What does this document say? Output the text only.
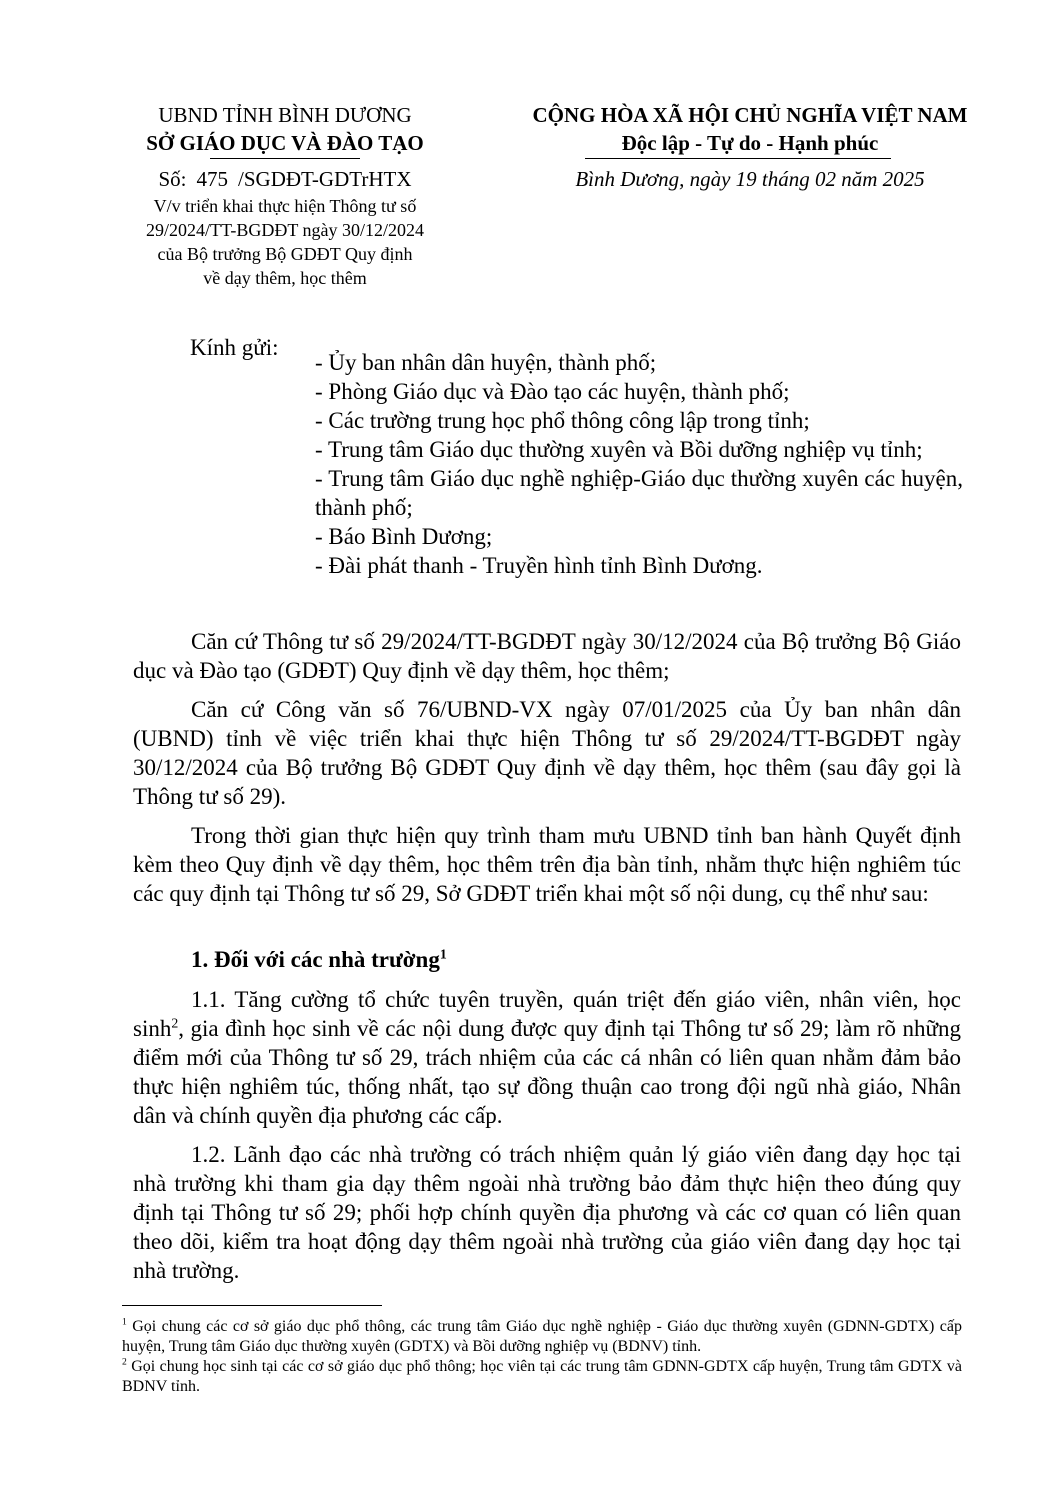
UBND TỈNH BÌNH DƯƠNG
SỞ GIÁO DỤC VÀ ĐÀO TẠO
Số: 475 /SGDĐT-GDTrHTX
V/v triển khai thực hiện Thông tư số
29/2024/TT-BGDĐT ngày 30/12/2024
của Bộ trưởng Bộ GDĐT Quy định
về dạy thêm, học thêm
CỘNG HÒA XÃ HỘI CHỦ NGHĨA VIỆT NAM
Độc lập - Tự do - Hạnh phúc
Bình Dương, ngày 19 tháng 02 năm 2025
Kính gửi:
- Ủy ban nhân dân huyện, thành phố;
- Phòng Giáo dục và Đào tạo các huyện, thành phố;
- Các trường trung học phổ thông công lập trong tỉnh;
- Trung tâm Giáo dục thường xuyên và Bồi dưỡng nghiệp vụ tỉnh;
- Trung tâm Giáo dục nghề nghiệp-Giáo dục thường xuyên các huyện, thành phố;
- Báo Bình Dương;
- Đài phát thanh - Truyền hình tỉnh Bình Dương.
Căn cứ Thông tư số 29/2024/TT-BGDĐT ngày 30/12/2024 của Bộ trưởng Bộ Giáo dục và Đào tạo (GDĐT) Quy định về dạy thêm, học thêm;
Căn cứ Công văn số 76/UBND-VX ngày 07/01/2025 của Ủy ban nhân dân (UBND) tỉnh về việc triển khai thực hiện Thông tư số 29/2024/TT-BGDĐT ngày 30/12/2024 của Bộ trưởng Bộ GDĐT Quy định về dạy thêm, học thêm (sau đây gọi là Thông tư số 29).
Trong thời gian thực hiện quy trình tham mưu UBND tỉnh ban hành Quyết định kèm theo Quy định về dạy thêm, học thêm trên địa bàn tỉnh, nhằm thực hiện nghiêm túc các quy định tại Thông tư số 29, Sở GDĐT triển khai một số nội dung, cụ thể như sau:
1. Đối với các nhà trường$^1$
1.1. Tăng cường tổ chức tuyên truyền, quán triệt đến giáo viên, nhân viên, học $\sinh^2$, gia đình học sinh về các nội dung được quy định tại Thông tư số 29; làm rõ những điểm mới của Thông tư số 29, trách nhiệm của các cá nhân có liên quan nhằm đảm bảo thực hiện nghiêm túc, thống nhất, tạo sự đồng thuận cao trong đội ngũ nhà giáo, Nhân dân và chính quyền địa phương các cấp.
1.2. Lãnh đạo các nhà trường có trách nhiệm quản lý giáo viên đang dạy học tại nhà trường khi tham gia dạy thêm ngoài nhà trường bảo đảm thực hiện theo đúng quy định tại Thông tư số 29; phối hợp chính quyền địa phương và các cơ quan có liên quan theo dõi, kiểm tra hoạt động dạy thêm ngoài nhà trường của giáo viên đang dạy học tại nhà trường.
$^1$ Gọi chung các cơ sở giáo dục phổ thông, các trung tâm Giáo dục nghề nghiệp - Giáo dục thường xuyên (GDNN-GDTX) cấp huyện, Trung tâm Giáo dục thường xuyên (GDTX) và Bồi dưỡng nghiệp vụ (BDNV) tỉnh.
$^2$ Gọi chung học sinh tại các cơ sở giáo dục phổ thông; học viên tại các trung tâm GDNN-GDTX cấp huyện, Trung tâm GDTX và BDNV tỉnh.
